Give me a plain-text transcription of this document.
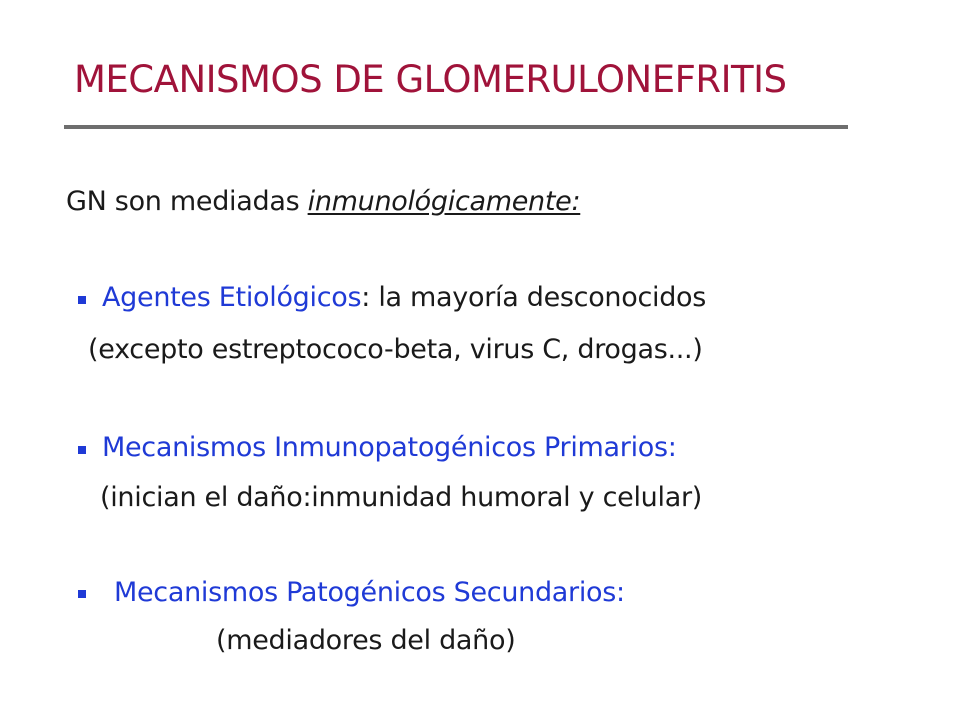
MECANISMOS DE GLOMERULONEFRITIS
GN son mediadas inmunológicamente:
Agentes Etiológicos: la mayoría desconocidos
(excepto estreptococo-beta, virus C, drogas...)
Mecanismos Inmunopatogénicos Primarios:
(inician el daño:inmunidad humoral y celular)
Mecanismos Patogénicos Secundarios:
(mediadores del daño)
